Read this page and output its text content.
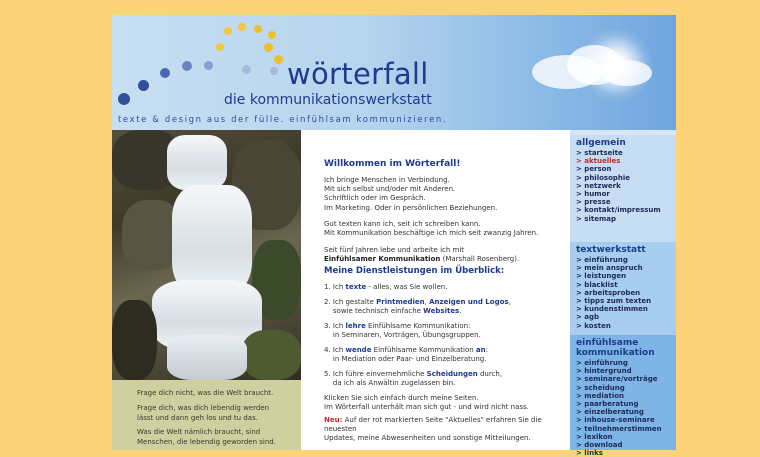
wörterfall
die kommunikationswerkstatt
texte & design aus der fülle. einfühlsam kommunizieren.

Frage dich nicht, was die Welt braucht.

Frage dich, was dich lebendig werden
lässt und dann geh los und tu das.

Was die Welt nämlich braucht, sind
Menschen, die lebendig geworden sind.

Willkommen im Wörterfall!
Ich bringe Menschen in Verbindung.
Mit sich selbst und/oder mit Anderen.
Schriftlich oder im Gespräch.
Im Marketing. Oder in persönlichen Beziehungen.
Gut texten kann ich, seit ich schreiben kann.
Mit Kommunikation beschäftige ich mich seit zwanzig Jahren.
Seit fünf Jahren lebe und arbeite ich mit
Einfühlsamer Kommunikation (Marshall Rosenberg).
Meine Dienstleistungen im Überblick:
1. Ich texte - alles, was Sie wollen.
2. Ich gestalte Printmedien, Anzeigen und Logos,
sowie technisch einfache Websites.
3. Ich lehre Einfühlsame Kommunikation:
in Seminaren, Vorträgen, Übungsgruppen.
4. Ich wende Einfühlsame Kommunikation an:
in Mediation oder Paar- und Einzelberatung.
5. Ich führe einvernehmliche Scheidungen durch,
da ich als Anwältin zugelassen bin.
Klicken Sie sich einfach durch meine Seiten.
Im Wörterfall unterhält man sich gut - und wird nicht nass.
Neu: Auf der rot markierten Seite "Aktuelles" erfahren Sie die neuesten
Updates, meine Abwesenheiten und sonstige Mitteilungen.
allgemein
> startseite
> aktuelles
> person
> philosophie
> netzwerk
> humor
> presse
> kontakt/impressum
> sitemap
textwerkstatt
> einführung
> mein anspruch
> leistungen
> blacklist
> arbeitsproben
> tipps zum texten
> kundenstimmen
> agb
> kosten
einfühlsame
kommunikation
> einführung
> hintergrund
> seminare/vorträge
> scheidung
> mediation
> paarberatung
> einzelberatung
> inhouse-seminare
> teilnehmerstimmen
> lexikon
> download
> links
